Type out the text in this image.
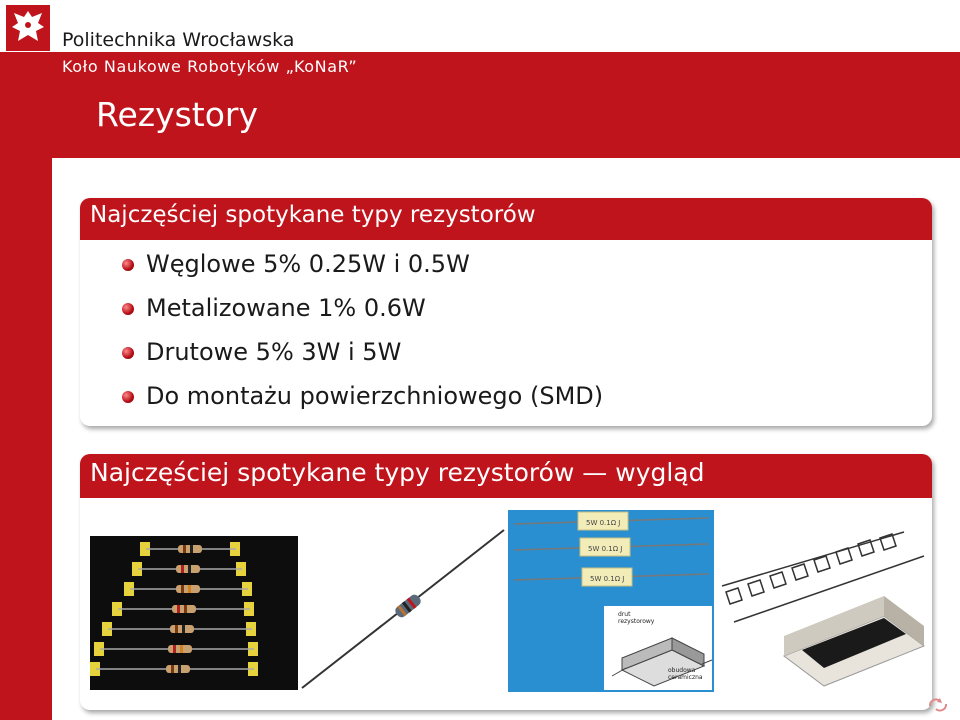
Politechnika Wrocławska
Koło Naukowe Robotyków „KoNaR”
Rezystory
Najczęściej spotykane typy rezystorów
Węglowe 5% 0.25W i 0.5W
Metalizowane 1% 0.6W
Drutowe 5% 3W i 5W
Do montażu powierzchniowego (SMD)
Najczęściej spotykane typy rezystorów — wygląd
5W 0.1Ω J
5W 0.1Ω J
5W 0.1Ω J
drut rezystorowy
obudowa ceramiczna
